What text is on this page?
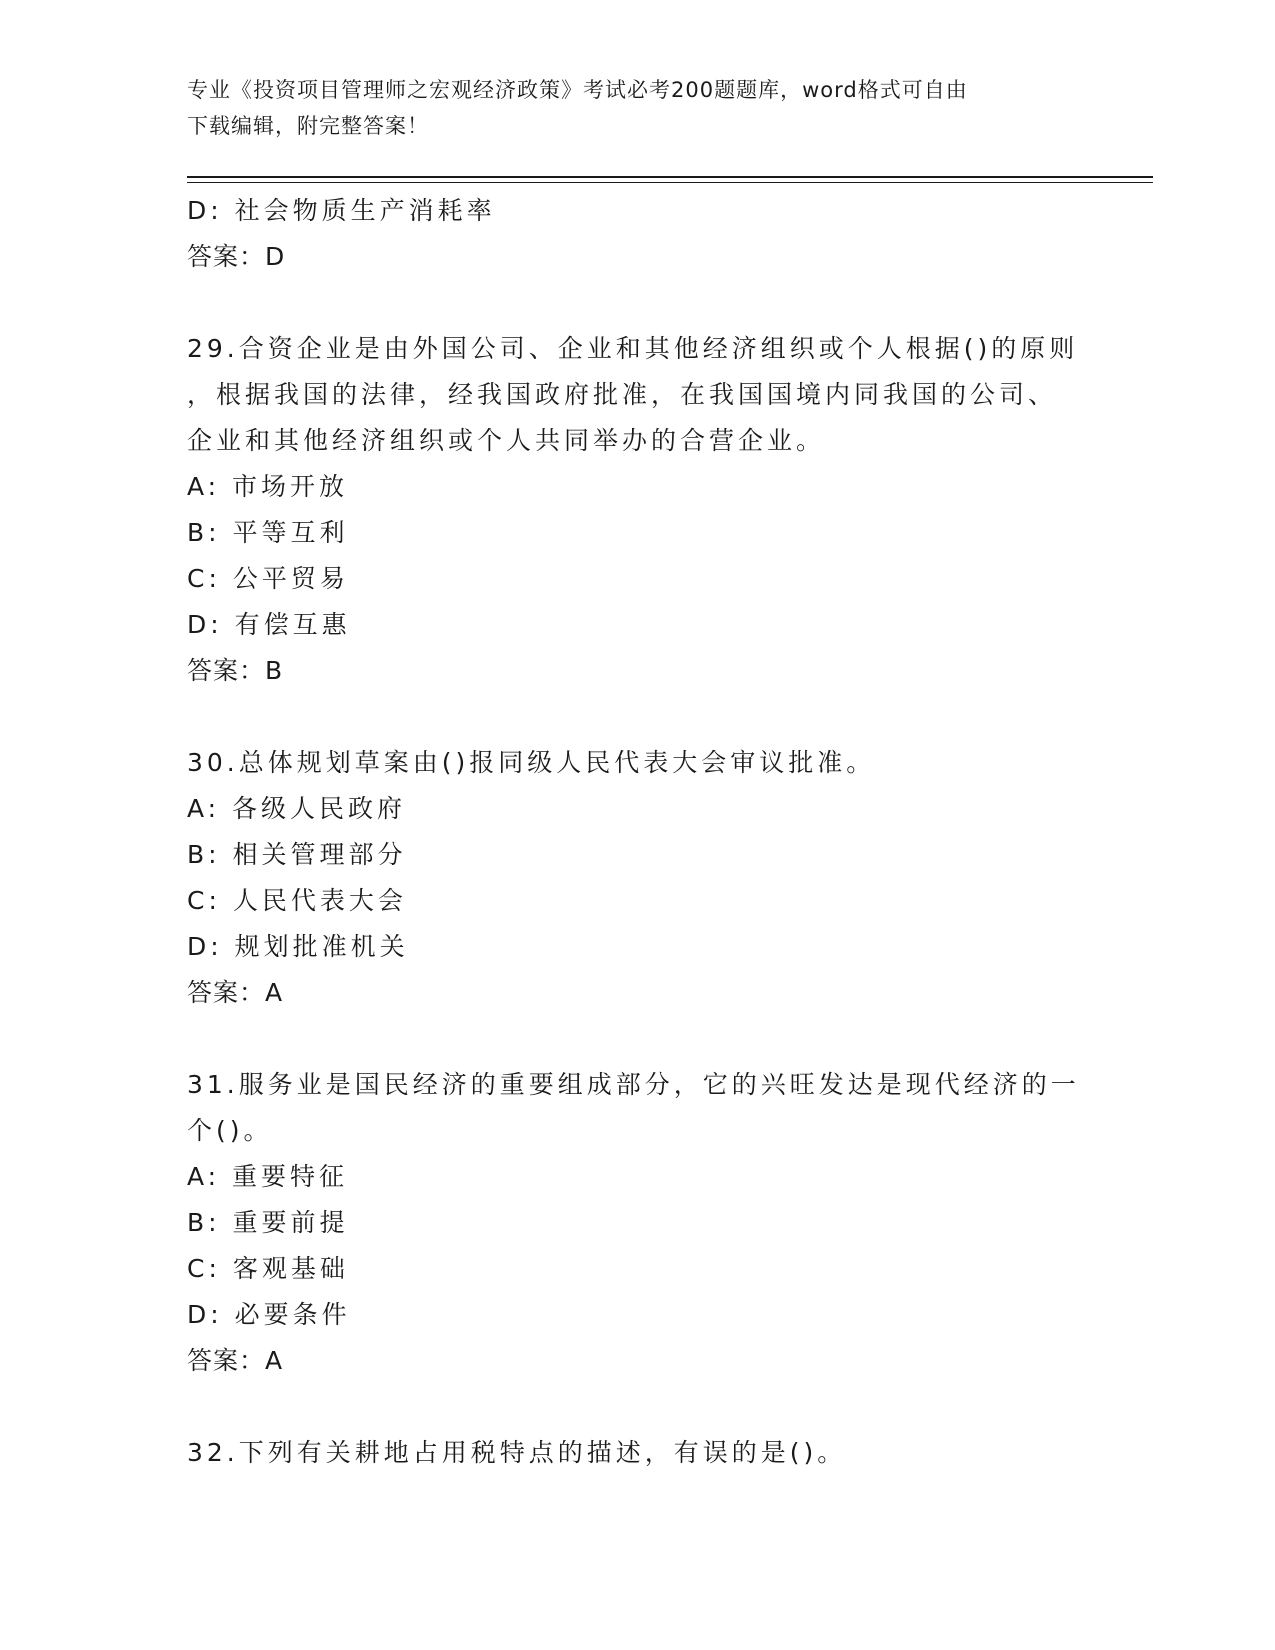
专业《投资项目管理师之宏观经济政策》考试必考200题题库，word格式可自由
下载编辑，附完整答案！
D: 社会物质生产消耗率
答案：D
29.合资企业是由外国公司、企业和其他经济组织或个人根据()的原则
，根据我国的法律，经我国政府批准，在我国国境内同我国的公司、
企业和其他经济组织或个人共同举办的合营企业。
A: 市场开放
B: 平等互利
C: 公平贸易
D: 有偿互惠
答案：B
30.总体规划草案由()报同级人民代表大会审议批准。
A: 各级人民政府
B: 相关管理部分
C: 人民代表大会
D: 规划批准机关
答案：A
31.服务业是国民经济的重要组成部分，它的兴旺发达是现代经济的一
个()。
A: 重要特征
B: 重要前提
C: 客观基础
D: 必要条件
答案：A
32.下列有关耕地占用税特点的描述，有误的是()。
